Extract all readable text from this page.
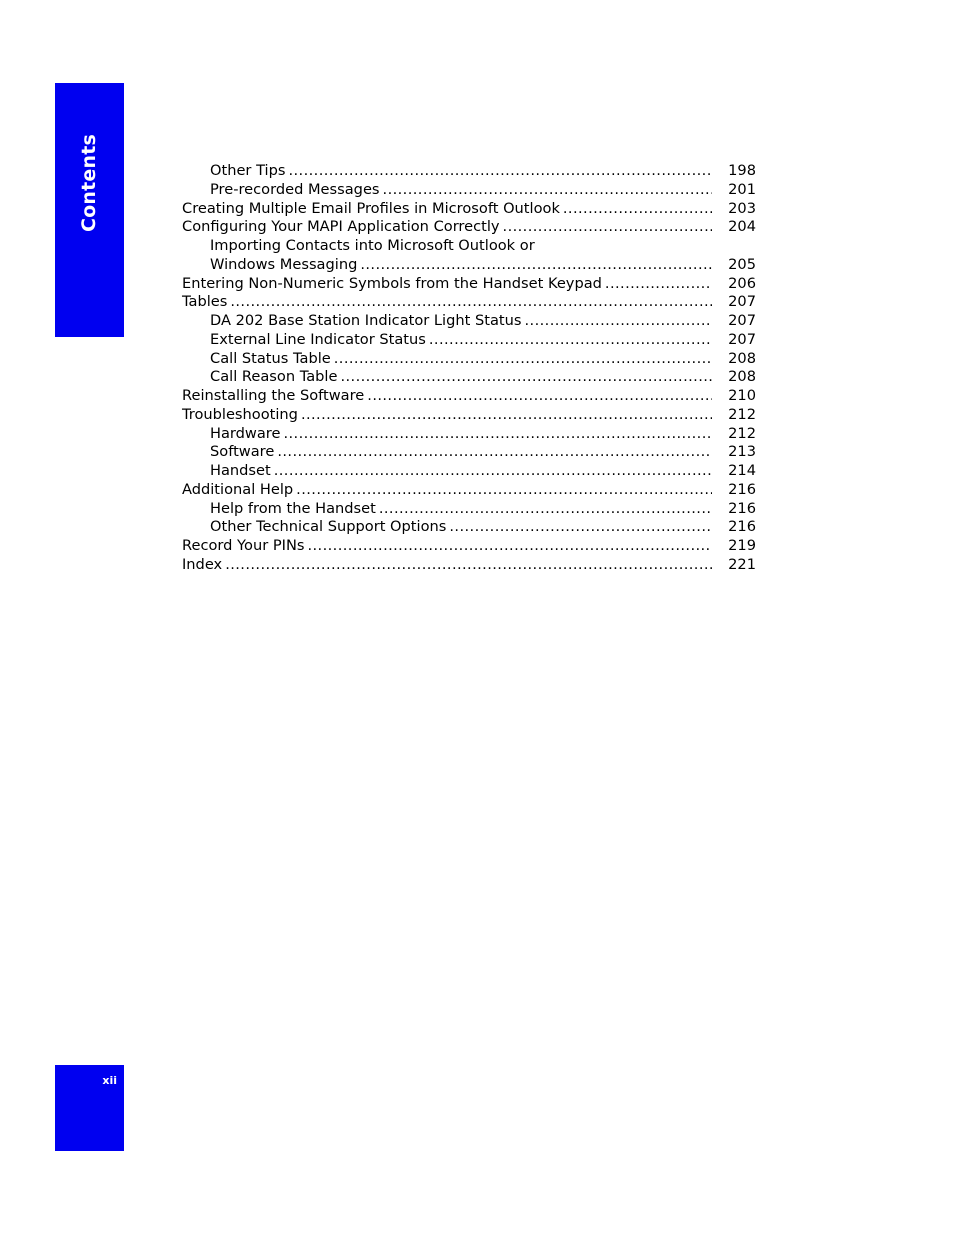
Contents	Other Tips .....	198
Pre-recorded Messages .....	201
Creating Multiple Email Profiles in Microsoft Outlook .....	203
Configuring Your MAPI Application Correctly .....	204
Importing Contacts into Microsoft Outlook or
Windows Messaging .....	205
Entering Non-Numeric Symbols from the Handset Keypad .....	206
Tables .....	207
DA 202 Base Station Indicator Light Status .....	207
External Line Indicator Status .....	207
Call Status Table .....	208
Call Reason Table .....	208
Reinstalling the Software .....	210
Troubleshooting .....	212
Hardware .....	212
Software .....	213
Handset .....	214
Additional Help .....	216
Help from the Handset .....	216
Other Technical Support Options .....	216
Record Your PINs .....	219
Index .....	221
xii
